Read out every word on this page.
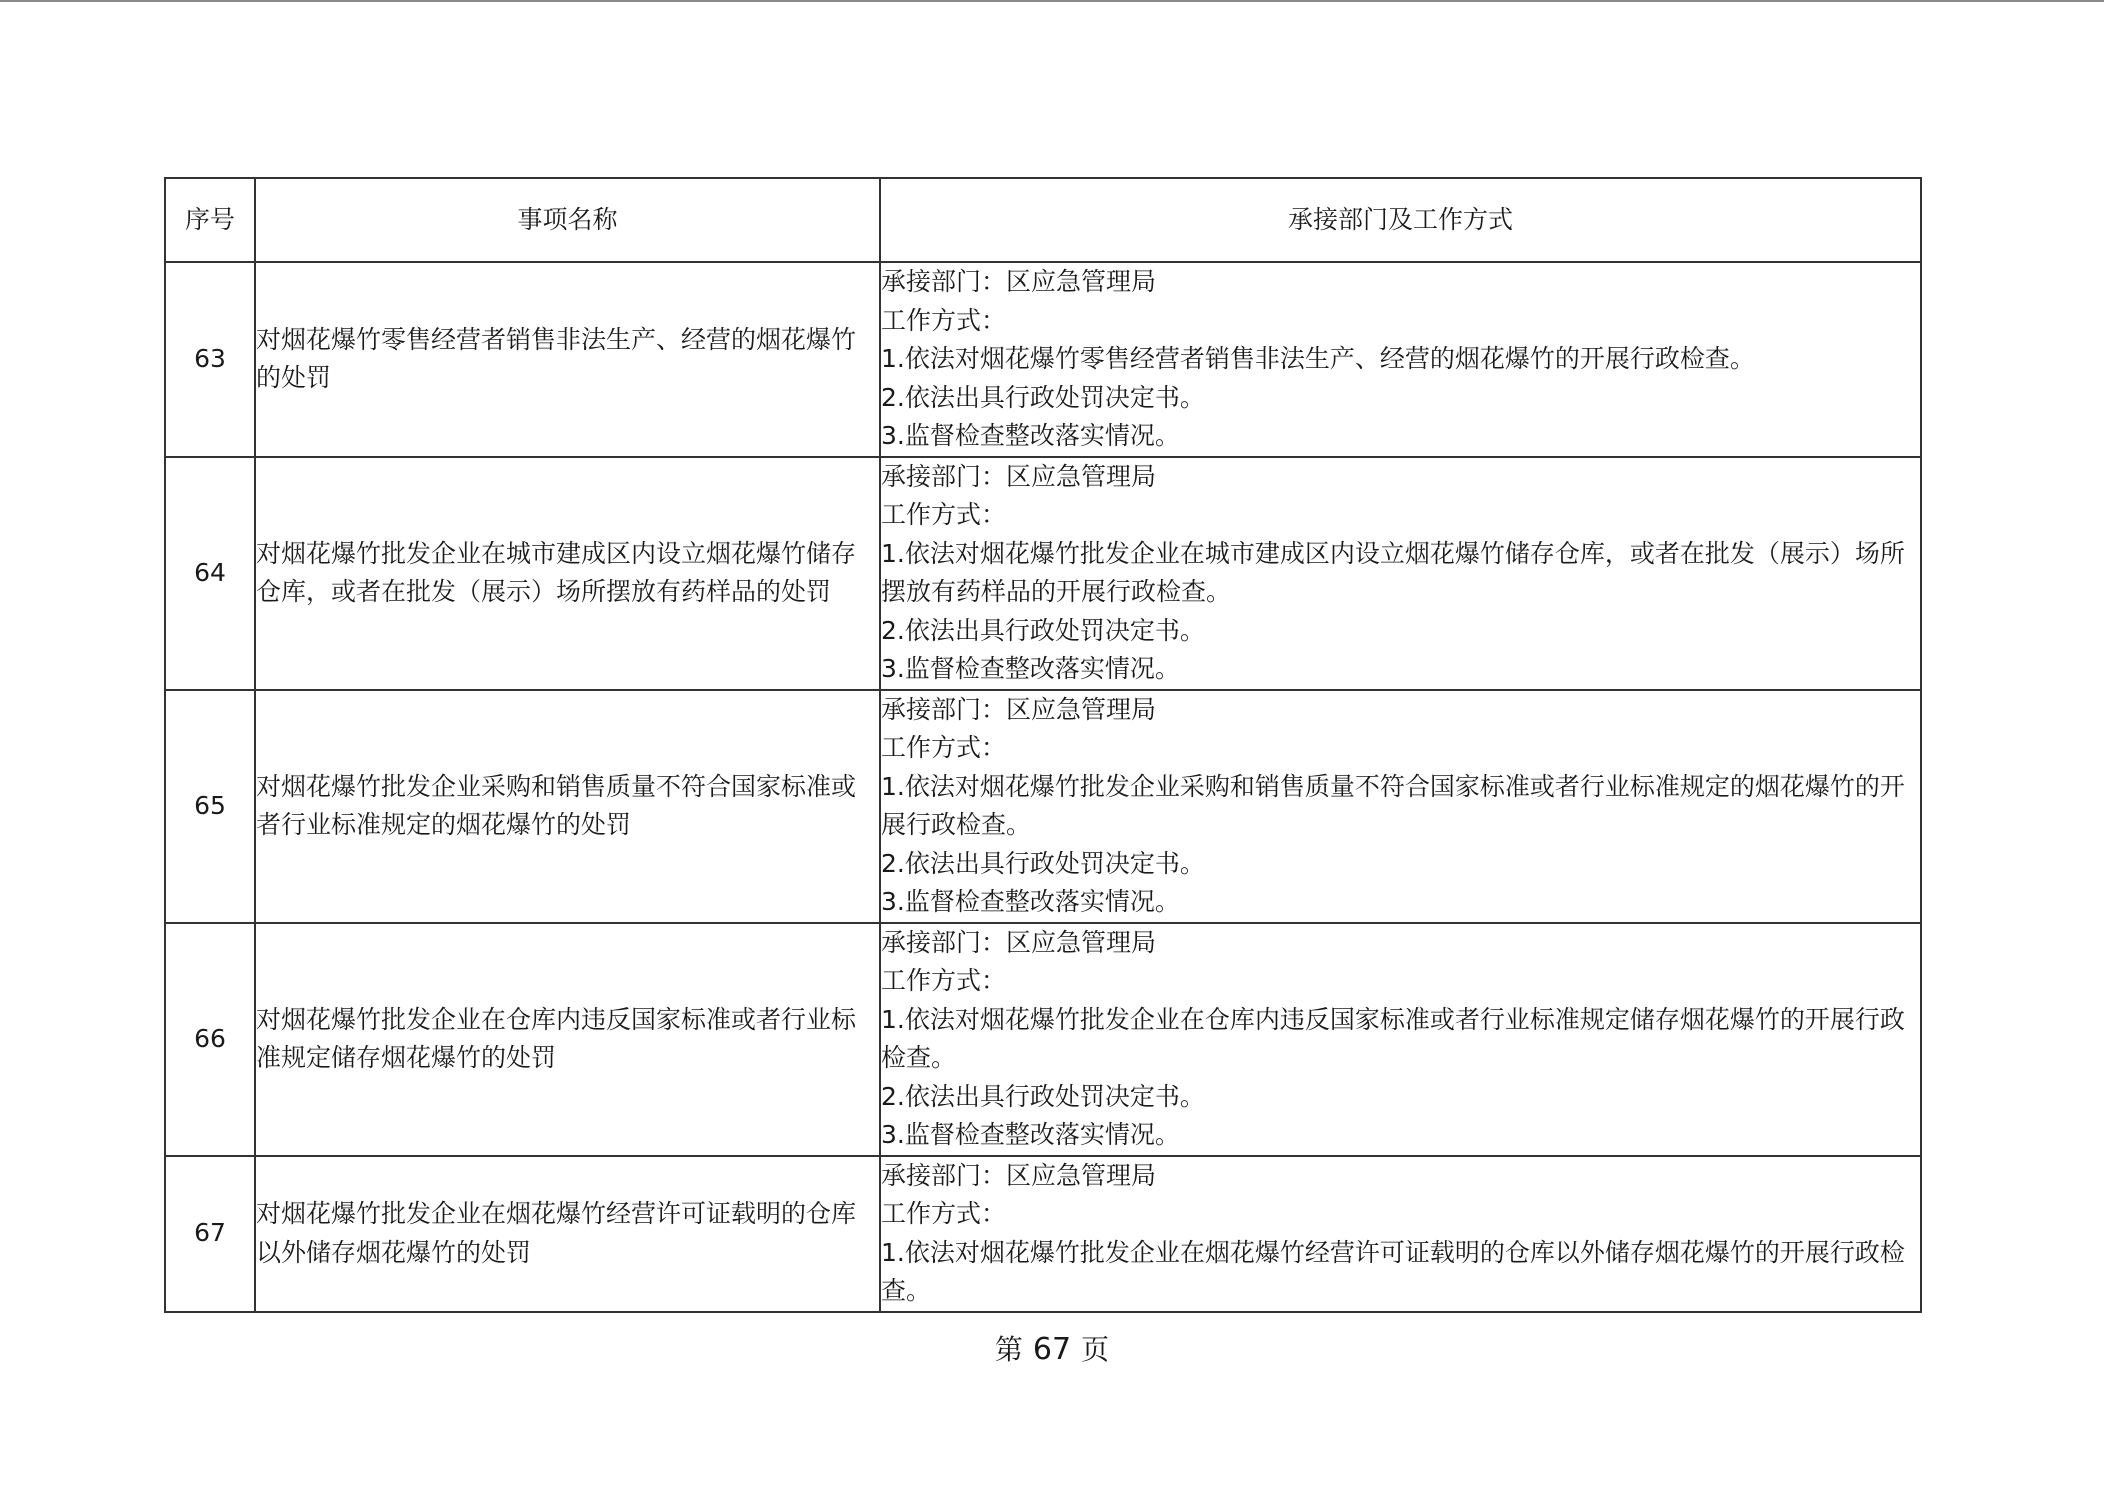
序号	事项名称	承接部门及工作方式
63	对烟花爆竹零售经营者销售非法生产、经营的烟花爆竹的处罚	承接部门：区应急管理局
工作方式：
1.依法对烟花爆竹零售经营者销售非法生产、经营的烟花爆竹的开展行政检查。
2.依法出具行政处罚决定书。
3.监督检查整改落实情况。

64	对烟花爆竹批发企业在城市建成区内设立烟花爆竹储存仓库，或者在批发（展示）场所摆放有药样品的处罚	承接部门：区应急管理局
工作方式：
1.依法对烟花爆竹批发企业在城市建成区内设立烟花爆竹储存仓库，或者在批发（展示）场所摆放有药样品的开展行政检查。
2.依法出具行政处罚决定书。
3.监督检查整改落实情况。

65	对烟花爆竹批发企业采购和销售质量不符合国家标准或者行业标准规定的烟花爆竹的处罚	承接部门：区应急管理局
工作方式：
1.依法对烟花爆竹批发企业采购和销售质量不符合国家标准或者行业标准规定的烟花爆竹的开展行政检查。
2.依法出具行政处罚决定书。
3.监督检查整改落实情况。

66	对烟花爆竹批发企业在仓库内违反国家标准或者行业标准规定储存烟花爆竹的处罚	承接部门：区应急管理局
工作方式：
1.依法对烟花爆竹批发企业在仓库内违反国家标准或者行业标准规定储存烟花爆竹的开展行政检查。
2.依法出具行政处罚决定书。
3.监督检查整改落实情况。

67	对烟花爆竹批发企业在烟花爆竹经营许可证载明的仓库以外储存烟花爆竹的处罚	承接部门：区应急管理局
工作方式：
1.依法对烟花爆竹批发企业在烟花爆竹经营许可证载明的仓库以外储存烟花爆竹的开展行政检查。
第 67 页
